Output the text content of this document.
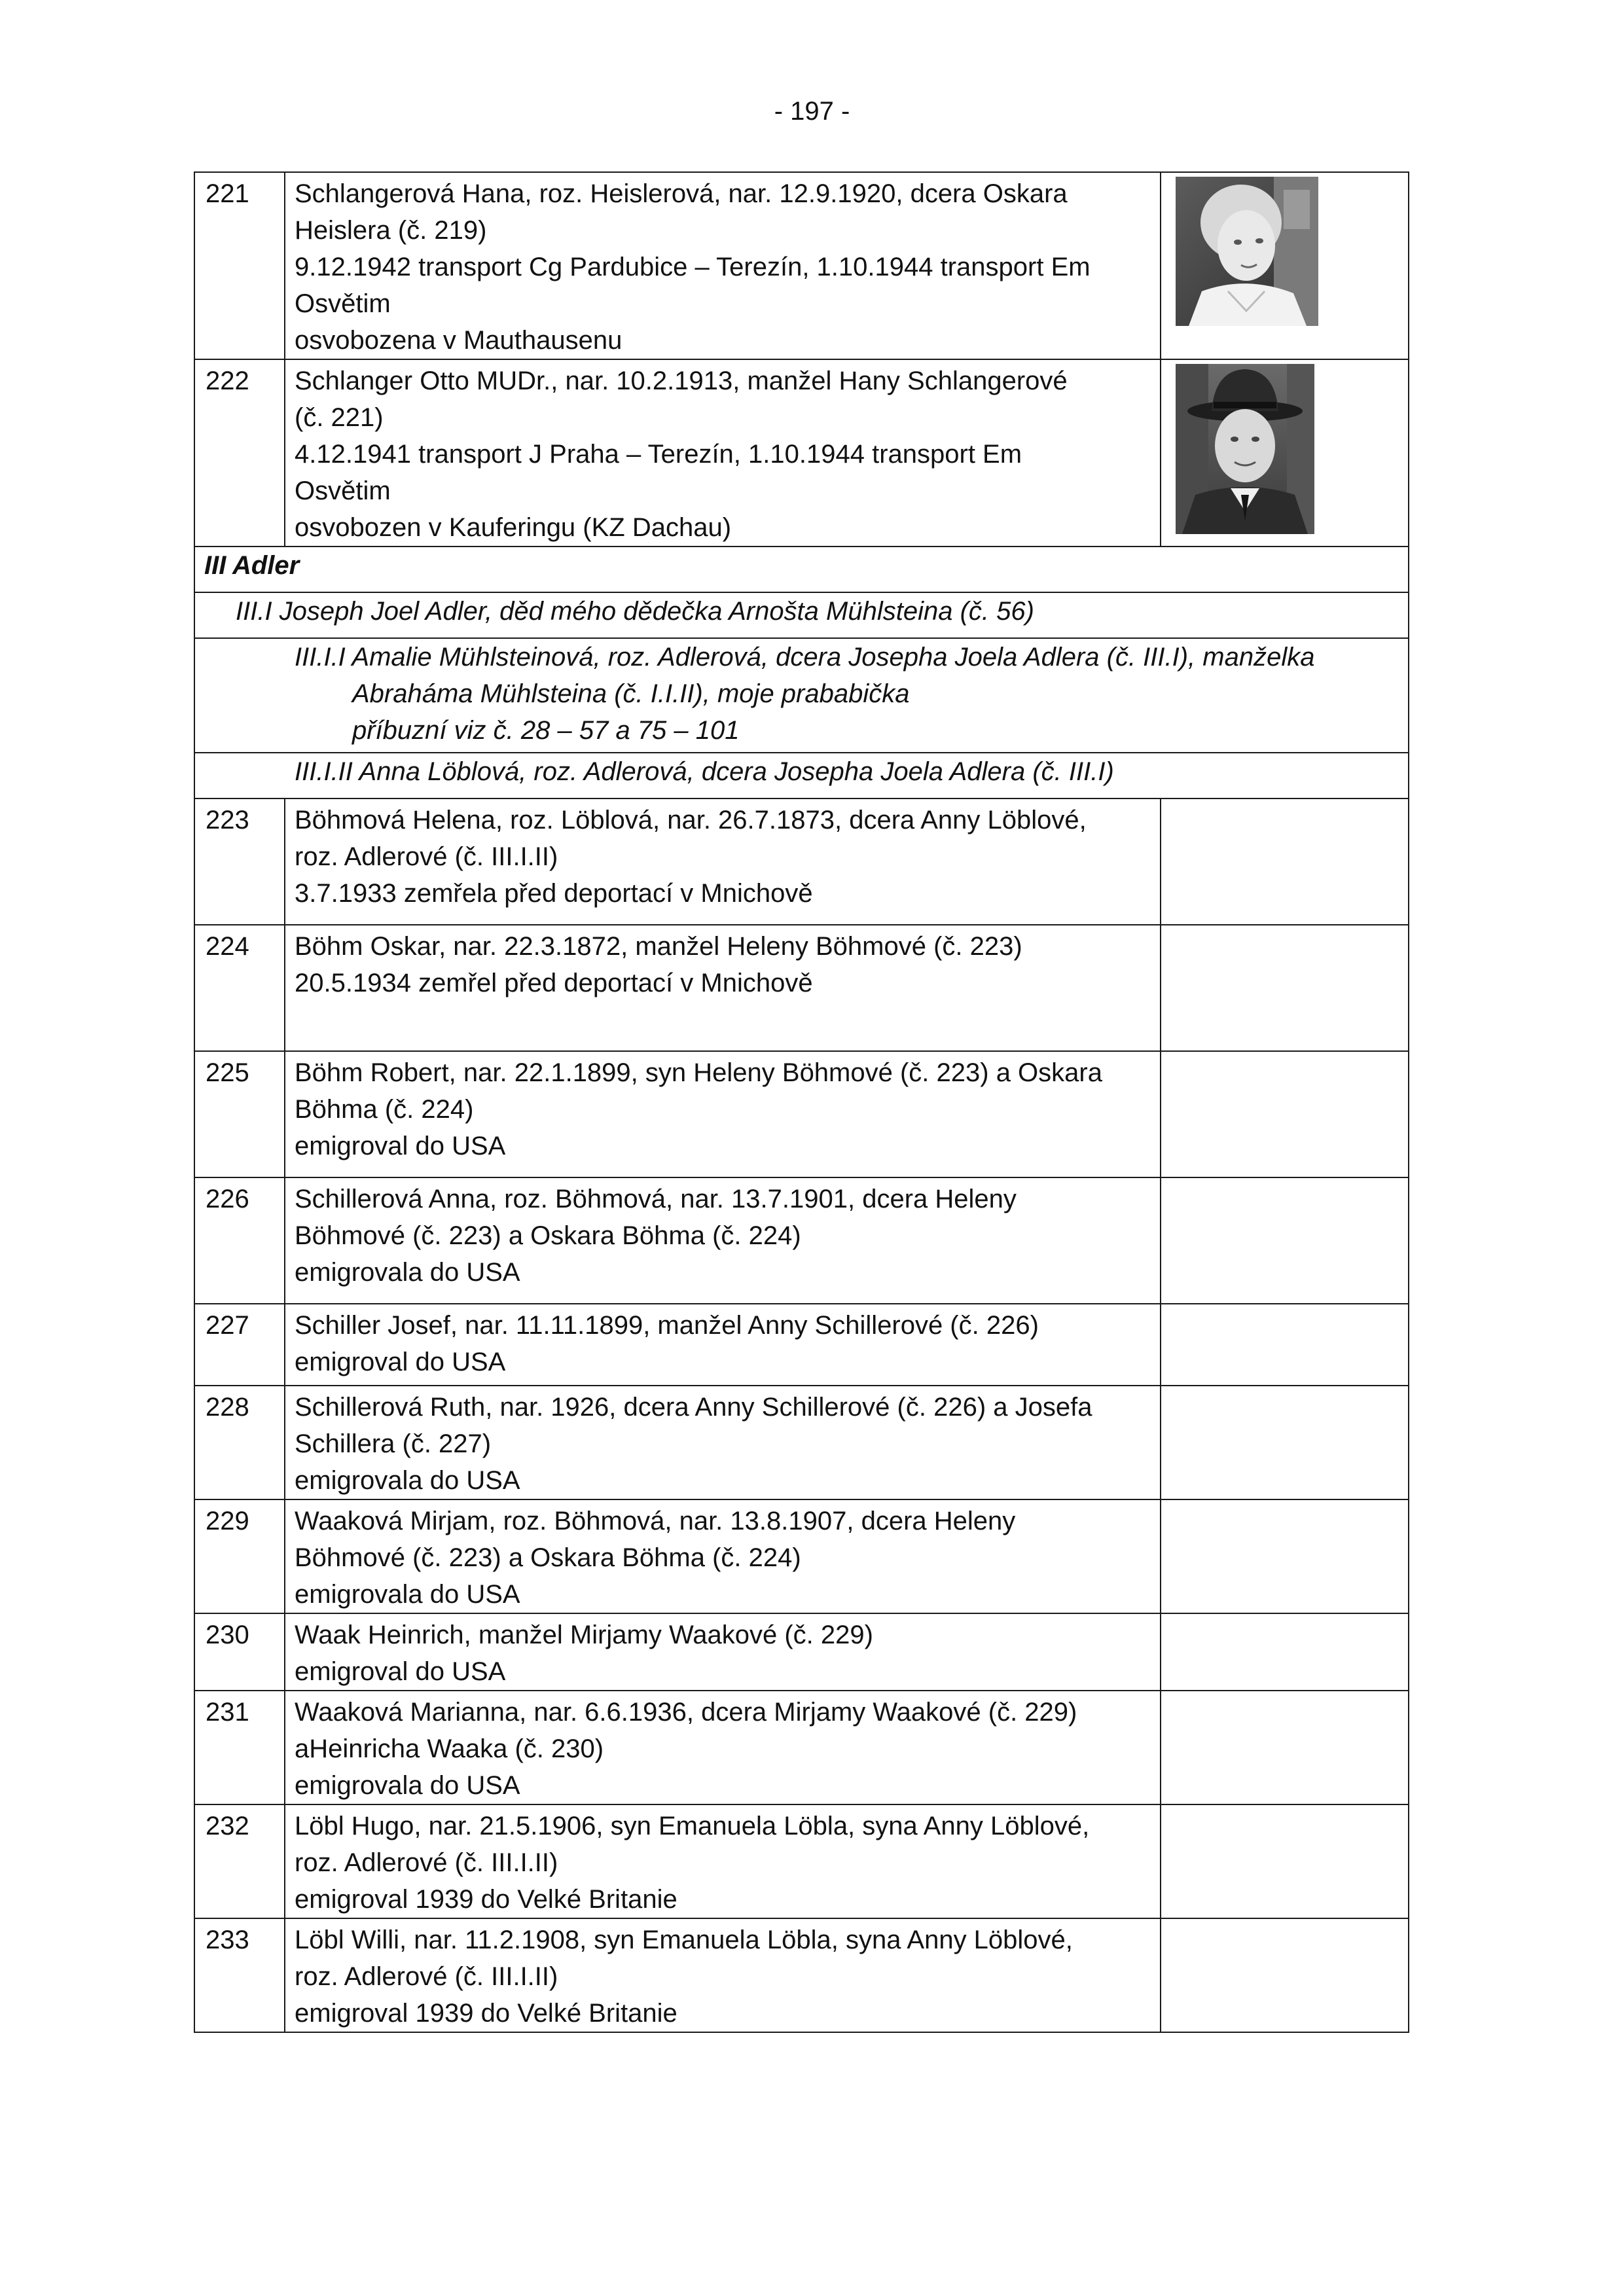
- 197 -
221	Schlangerová Hana, roz. Heislerová, nar. 12.9.1920, dcera Oskara
Heislera (č. 219)
9.12.1942 transport Cg Pardubice – Terezín, 1.10.1944 transport Em
Osvětim
osvobozena v Mauthausenu

222	Schlanger Otto MUDr., nar. 10.2.1913, manžel Hany Schlangerové
(č. 221)
4.12.1941 transport J Praha – Terezín, 1.10.1944 transport Em
Osvětim
osvobozen v Kauferingu (KZ Dachau)

III Adler		
III.I Joseph Joel Adler, děd mého dědečka Arnošta Mühlsteina (č. 56)		

III.I.I Amalie Mühlsteinová, roz. Adlerová, dcera Josepha Joela Adlera (č. III.I), manželka
Abraháma Mühlsteina (č. I.I.II), moje prababička
příbuzní viz č. 28 – 57 a 75 – 101		

III.I.II Anna Löblová, roz. Adlerová, dcera Josepha Joela Adlera (č. III.I)		
223	Böhmová Helena, roz. Löblová, nar. 26.7.1873, dcera Anny Löblové,
roz. Adlerové (č. III.I.II)
3.7.1933 zemřela před deportací v Mnichově	

224	Böhm Oskar, nar. 22.3.1872, manžel Heleny Böhmové (č. 223)
20.5.1934 zemřel před deportací v Mnichově	

225	Böhm Robert, nar. 22.1.1899, syn Heleny Böhmové (č. 223) a Oskara
Böhma (č. 224)
emigroval do USA	

226	Schillerová Anna, roz. Böhmová, nar. 13.7.1901, dcera Heleny
Böhmové (č. 223) a Oskara Böhma (č. 224)
emigrovala do USA	

227	Schiller Josef, nar. 11.11.1899, manžel Anny Schillerové (č. 226)
emigroval do USA	

228	Schillerová Ruth, nar. 1926, dcera Anny Schillerové (č. 226) a Josefa
Schillera (č. 227)
emigrovala do USA	

229	Waaková Mirjam, roz. Böhmová, nar. 13.8.1907, dcera Heleny
Böhmové (č. 223) a Oskara Böhma (č. 224)
emigrovala do USA	

230	Waak Heinrich, manžel Mirjamy Waakové (č. 229)
emigroval do USA	

231	Waaková Marianna, nar. 6.6.1936, dcera Mirjamy Waakové (č. 229)
aHeinricha Waaka (č. 230)
emigrovala do USA	

232	Löbl Hugo, nar. 21.5.1906, syn Emanuela Löbla, syna Anny Löblové,
roz. Adlerové (č. III.I.II)
emigroval 1939 do Velké Britanie	

233	Löbl Willi, nar. 11.2.1908, syn Emanuela Löbla, syna Anny Löblové,
roz. Adlerové (č. III.I.II)
emigroval 1939 do Velké Britanie	
